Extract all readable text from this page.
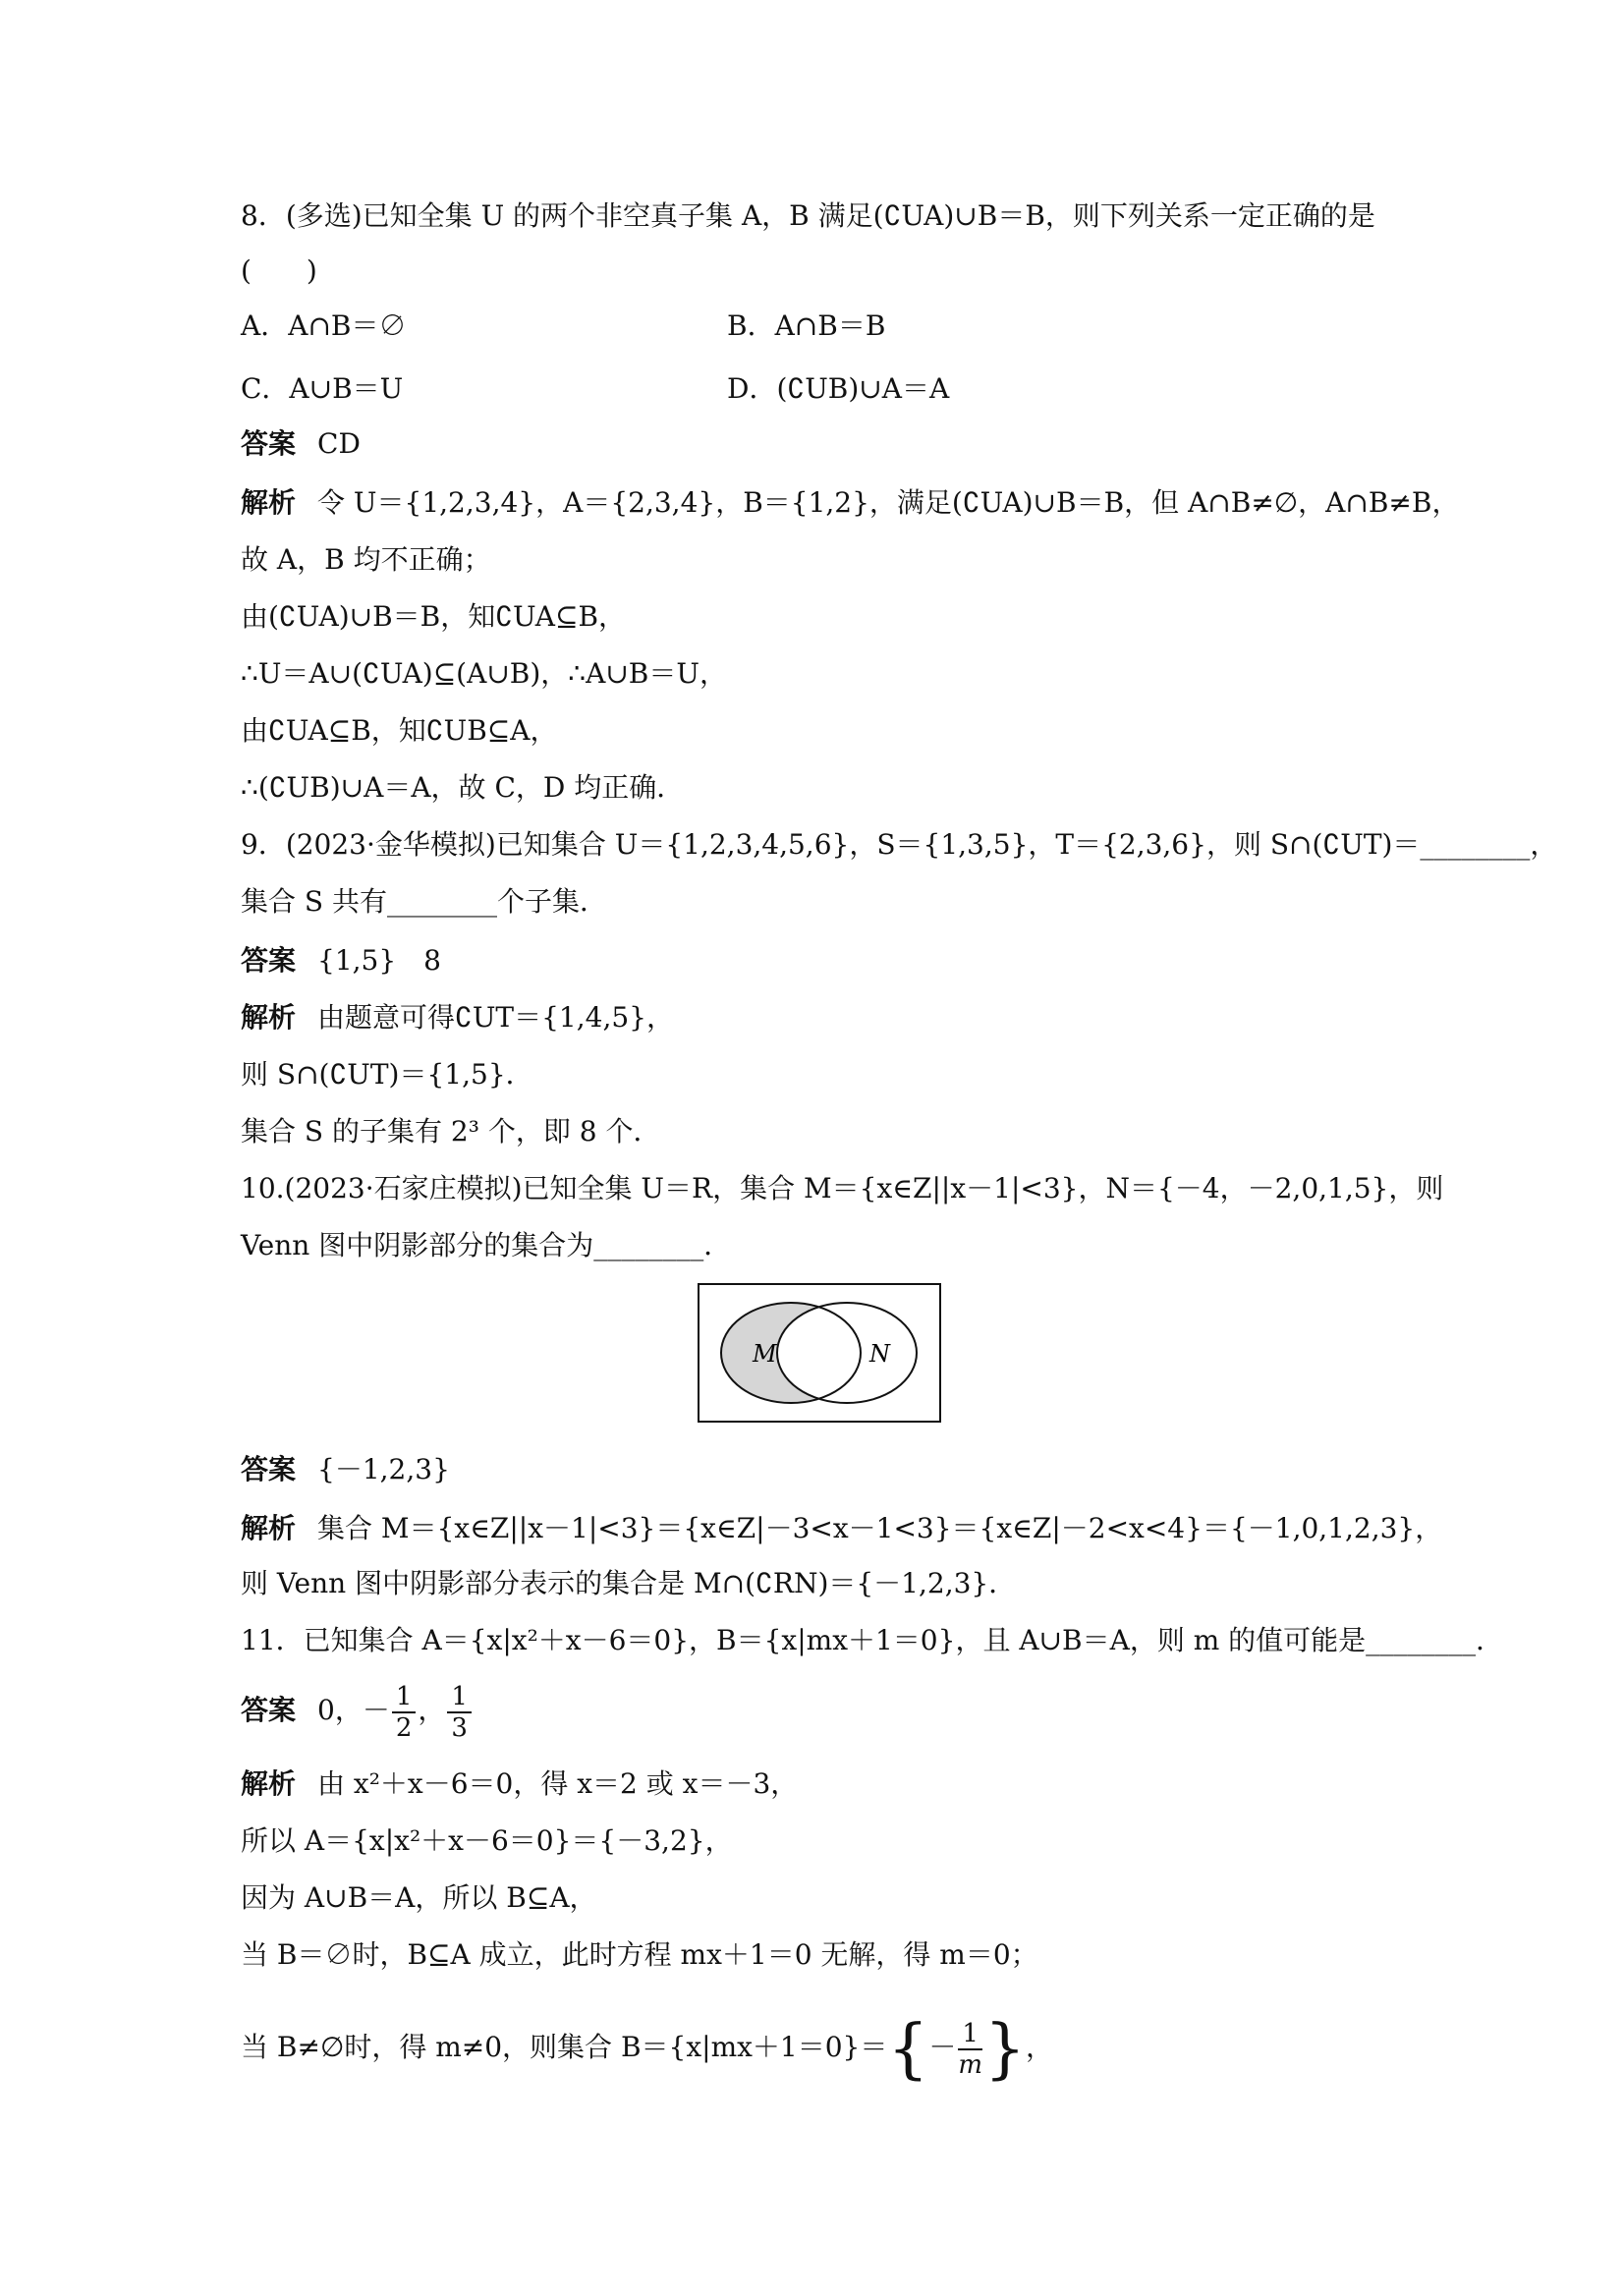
8．(多选)已知全集 U 的两个非空真子集 A，B 满足(∁UA)∪B＝B，则下列关系一定正确的是
(　　)
A．A∩B＝∅	B．A∩B＝B
C．A∪B＝U	D．(∁UB)∪A＝A
答案 CD
解析 令 U＝{1,2,3,4}，A＝{2,3,4}，B＝{1,2}，满足(∁UA)∪B＝B，但 A∩B≠∅，A∩B≠B，
故 A，B 均不正确；
由(∁UA)∪B＝B，知∁UA⊆B，
∴U＝A∪(∁UA)⊆(A∪B)，∴A∪B＝U，
由∁UA⊆B，知∁UB⊆A，
∴(∁UB)∪A＝A，故 C，D 均正确．
9．(2023·金华模拟)已知集合 U＝{1,2,3,4,5,6}，S＝{1,3,5}，T＝{2,3,6}，则 S∩(∁UT)＝________，
集合 S 共有________个子集．
答案 {1,5}　8
解析 由题意可得∁UT＝{1,4,5}，
则 S∩(∁UT)＝{1,5}．
集合 S 的子集有 2³ 个，即 8 个．
10.(2023·石家庄模拟)已知全集 U＝R，集合 M＝{x∈Z||x－1|<3}，N＝{－4，－2,0,1,5}，则
Venn 图中阴影部分的集合为________．
M	N
答案 {－1,2,3}
解析 集合 M＝{x∈Z||x－1|<3}＝{x∈Z|－3<x－1<3}＝{x∈Z|－2<x<4}＝{－1,0,1,2,3}，
则 Venn 图中阴影部分表示的集合是 M∩(∁RN)＝{－1,2,3}．
11．已知集合 A＝{x|x²＋x－6＝0}，B＝{x|mx＋1＝0}，且 A∪B＝A，则 m 的值可能是________．
答案 0，－ $\frac{1}{2}$ ， $\frac{1}{3}$
解析 由 x²＋x－6＝0，得 x＝2 或 x＝－3，
所以 A＝{x|x²＋x－6＝0}＝{－3,2}，
因为 A∪B＝A，所以 B⊆A，
当 B＝∅时，B⊆A 成立，此时方程 mx＋1＝0 无解，得 m＝0；
当 B≠∅时，得 m≠0，则集合 $B=\{x|mx+1=0\}=\{- \frac{1}{m}$ }，
